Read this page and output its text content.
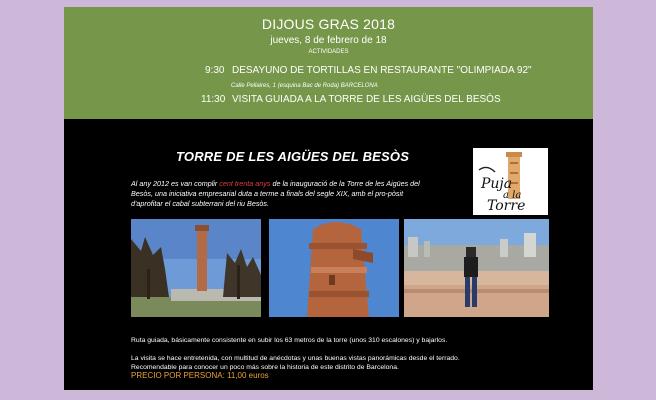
DIJOUS GRAS 2018
jueves, 8 de febrero de 18
ACTIVIDADES
9:30 DESAYUNO DE TORTILLAS EN RESTAURANTE "OLIMPIADA 92"
Calle Pellaires, 1 (esquina Bac de Roda) BARCELONA
11:30 VISITA GUIADA A LA TORRE DE LES AIGÜES DEL BESÒS
TORRE DE LES AIGÜES DEL BESÒS
Al any 2012 es van complir cent trenta anys de la inauguració de la Torre de les Aigües del Besòs, una iniciativa empresarial duta a terme a finals del segle XIX, amb el pro-pòsit d'aprofitar el cabal subterrani del riu Besòs.
Puja
a la
Torre
Ruta guiada, básicamente consistente en subir los 63 metros de la torre (unos 310 escalones) y bajarlos.
La visita se hace entretenida, con multitud de anécdotas y unas buenas vistas panorámicas desde el terrado.
Recomendable para conocer un poco más sobre la historia de este distrito de Barcelona.
PRECIO POR PERSONA: 11,00 euros
